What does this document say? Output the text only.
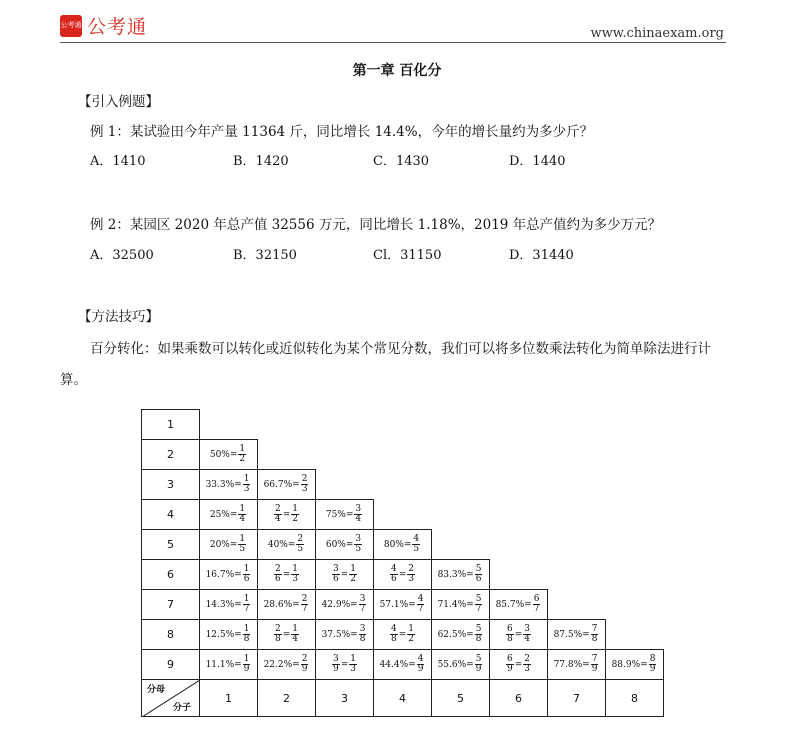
公考通 公考通	www.chinaexam.org
第一章 百化分
【引入例题】
例 1：某试验田今年产量 11364 斤，同比增长 14.4%，今年的增长量约为多少斤？
A．1410	B．1420	C．1430	D．1440
例 2：某园区 2020 年总产值 32556 万元，同比增长 1.18%，2019 年总产值约为多少万元？
A．32500	B．32150	Cl．31150	D．31440
【方法技巧】
百分转化：如果乘数可以转化或近似转化为某个常见分数，我们可以将多位数乘法转化为简单除法进行计
算。
1								
2	$50\%= \frac{1}{2}$

3	$33.3\%= \frac{1}{3}$	$66.7\%= \frac{2}{3}$

4	$25\%= \frac{1}{4}$	$\frac{2}{4} = \frac{1}{2}$	$75\%= \frac{3}{4}$

5	$20\%= \frac{1}{5}$	$40\%= \frac{2}{5}$	$60\%= \frac{3}{5}$	$80\%= \frac{4}{5}$

6	$16.7\%= \frac{1}{6}$	$\frac{2}{6} = \frac{1}{3}$	$\frac{3}{6} = \frac{1}{2}$	$\frac{4}{6} = \frac{2}{3}$	$83.3\%= \frac{5}{6}$

7	$14.3\%= \frac{1}{7}$	$28.6\%= \frac{2}{7}$	$42.9\%= \frac{3}{7}$	$57.1\%= \frac{4}{7}$	$71.4\%= \frac{5}{7}$	$85.7\%= \frac{6}{7}$

8	$12.5\%= \frac{1}{8}$	$\frac{2}{8} = \frac{1}{4}$	$37.5\%= \frac{3}{8}$	$\frac{4}{8} = \frac{1}{2}$	$62.5\%= \frac{5}{8}$	$\frac{6}{8} = \frac{3}{4}$	$87.5\%= \frac{7}{8}$

9	$11.1\%= \frac{1}{9}$	$22.2\%= \frac{2}{9}$	$\frac{3}{9} = \frac{1}{3}$	$44.4\%= \frac{4}{9}$	$55.6\%= \frac{5}{9}$	$\frac{6}{9} = \frac{2}{3}$	$77.8\%= \frac{7}{9}$	$88.9\%= \frac{8}{9}$

分母
分子	1	2	3	4	5	6	7	8
